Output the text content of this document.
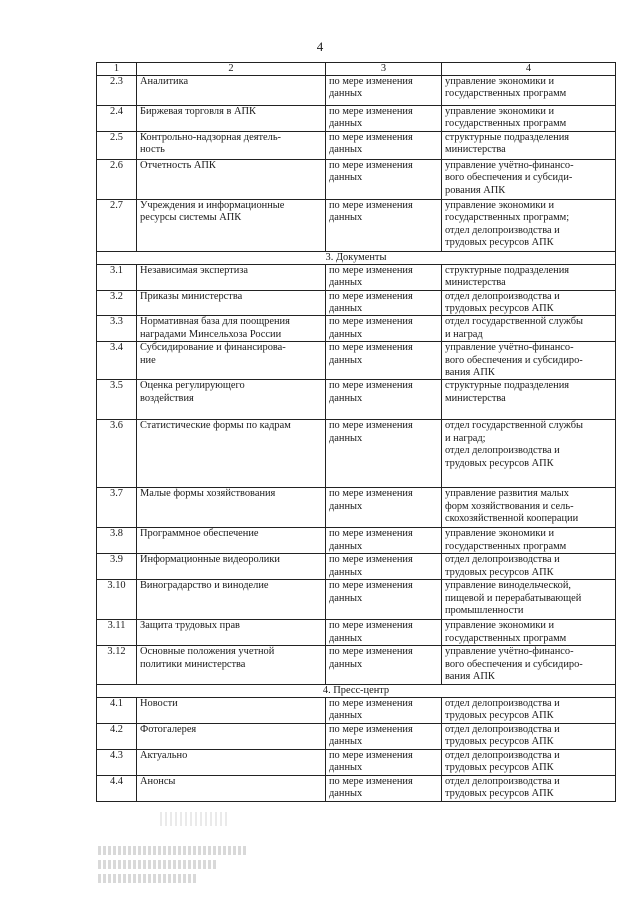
4
1	2	3	4
2.3	Аналитика	по мере изменения
данных	управление экономики и
государственных программ
2.4	Биржевая торговля в АПК	по мере изменения
данных	управление экономики и
государственных программ
2.5	Контрольно-надзорная деятель-
ность	по мере изменения
данных	структурные подразделения
министерства
2.6	Отчетность АПК	по мере изменения
данных	управление учётно-финансо-
вого обеспечения и субсиди-
рования АПК
2.7	Учреждения и информационные
ресурсы системы АПК	по мере изменения
данных	управление экономики и
государственных программ;
отдел делопроизводства и
трудовых ресурсов АПК
3. Документы			
3.1	Независимая экспертиза	по мере изменения
данных	структурные подразделения
министерства
3.2	Приказы министерства	по мере изменения
данных	отдел делопроизводства и
трудовых ресурсов АПК
3.3	Нормативная база для поощрения
наградами Минсельхоза России	по мере изменения
данных	отдел государственной службы
и наград
3.4	Субсидирование и финансирова-
ние	по мере изменения
данных	управление учётно-финансо-
вого обеспечения и субсидиро-
вания АПК
3.5	Оценка регулирующего
воздействия	по мере изменения
данных	структурные подразделения
министерства
3.6	Статистические формы по кадрам	по мере изменения
данных	отдел государственной службы
и наград;
отдел делопроизводства и
трудовых ресурсов АПК
3.7	Малые формы хозяйствования	по мере изменения
данных	управление развития малых
форм хозяйствования и сель-
скохозяйственной кооперации
3.8	Программное обеспечение	по мере изменения
данных	управление экономики и
государственных программ
3.9	Информационные видеоролики	по мере изменения
данных	отдел делопроизводства и
трудовых ресурсов АПК
3.10	Виноградарство и виноделие	по мере изменения
данных	управление винодельческой,
пищевой и перерабатывающей
промышленности
3.11	Защита трудовых прав	по мере изменения
данных	управление экономики и
государственных программ
3.12	Основные положения учетной
политики министерства	по мере изменения
данных	управление учётно-финансо-
вого обеспечения и субсидиро-
вания АПК
4. Пресс-центр			
4.1	Новости	по мере изменения
данных	отдел делопроизводства и
трудовых ресурсов АПК
4.2	Фотогалерея	по мере изменения
данных	отдел делопроизводства и
трудовых ресурсов АПК
4.3	Актуально	по мере изменения
данных	отдел делопроизводства и
трудовых ресурсов АПК
4.4	Анонсы	по мере изменения
данных	отдел делопроизводства и
трудовых ресурсов АПК
